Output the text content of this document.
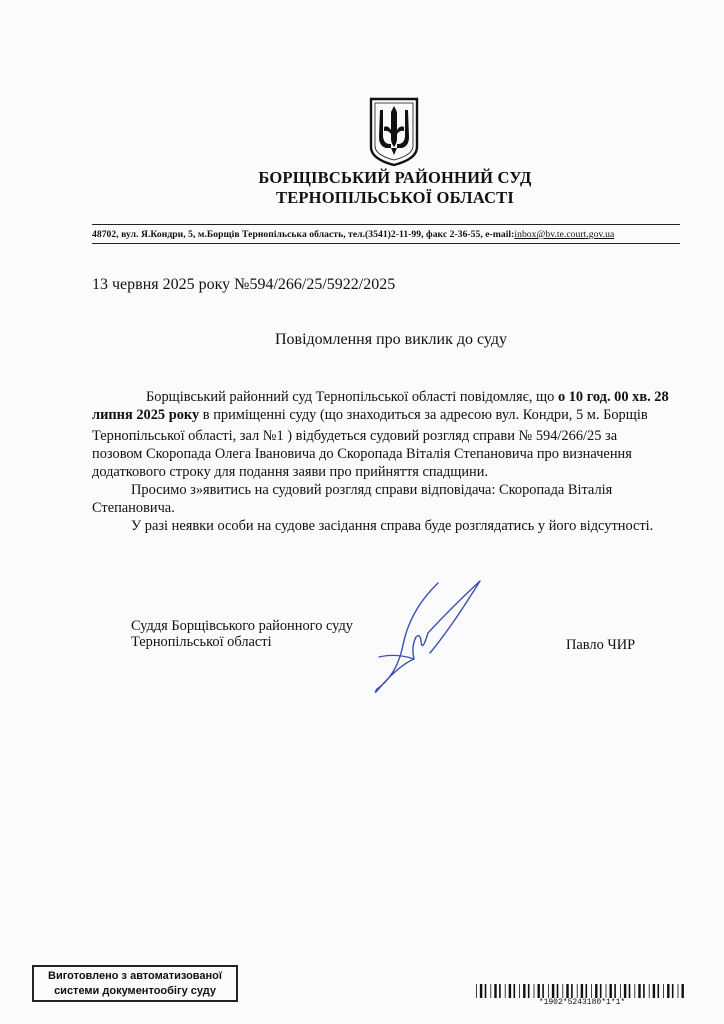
БОРЩІВСЬКИЙ РАЙОННИЙ СУД
ТЕРНОПІЛЬСЬКОЇ ОБЛАСТІ
48702, вул. Я.Кондри, 5, м.Борщів Тернопільська область, тел.(3541)2-11-99, факс 2-36-55, e-mail:inbox@bv.te.court.gov.ua
13 червня 2025 року №594/266/25/5922/2025
Повідомлення про виклик до суду
Борщівський районний суд Тернопільської області повідомляє, що о 10 год. 00 хв. 28
липня 2025 року в приміщенні суду (що знаходиться за адресою вул. Кондри, 5 м. Борщів
Тернопільської області, зал №1 ) відбудеться судовий розгляд справи № 594/266/25 за
позовом Скоропада Олега Івановича до Скоропада Віталія Степановича про визначення
додаткового строку для подання заяви про прийняття спадщини.
Просимо з»явитись на судовий розгляд справи відповідача: Скоропада Віталія
Степановича.
У разі неявки особи на судове засідання справа буде розглядатись у його відсутності.
Суддя Борщівського районного суду
Тернопільської області	Павло ЧИР
Виготовлено з автоматизованої
системи документообігу суду
*1902*5243180*1*1*
